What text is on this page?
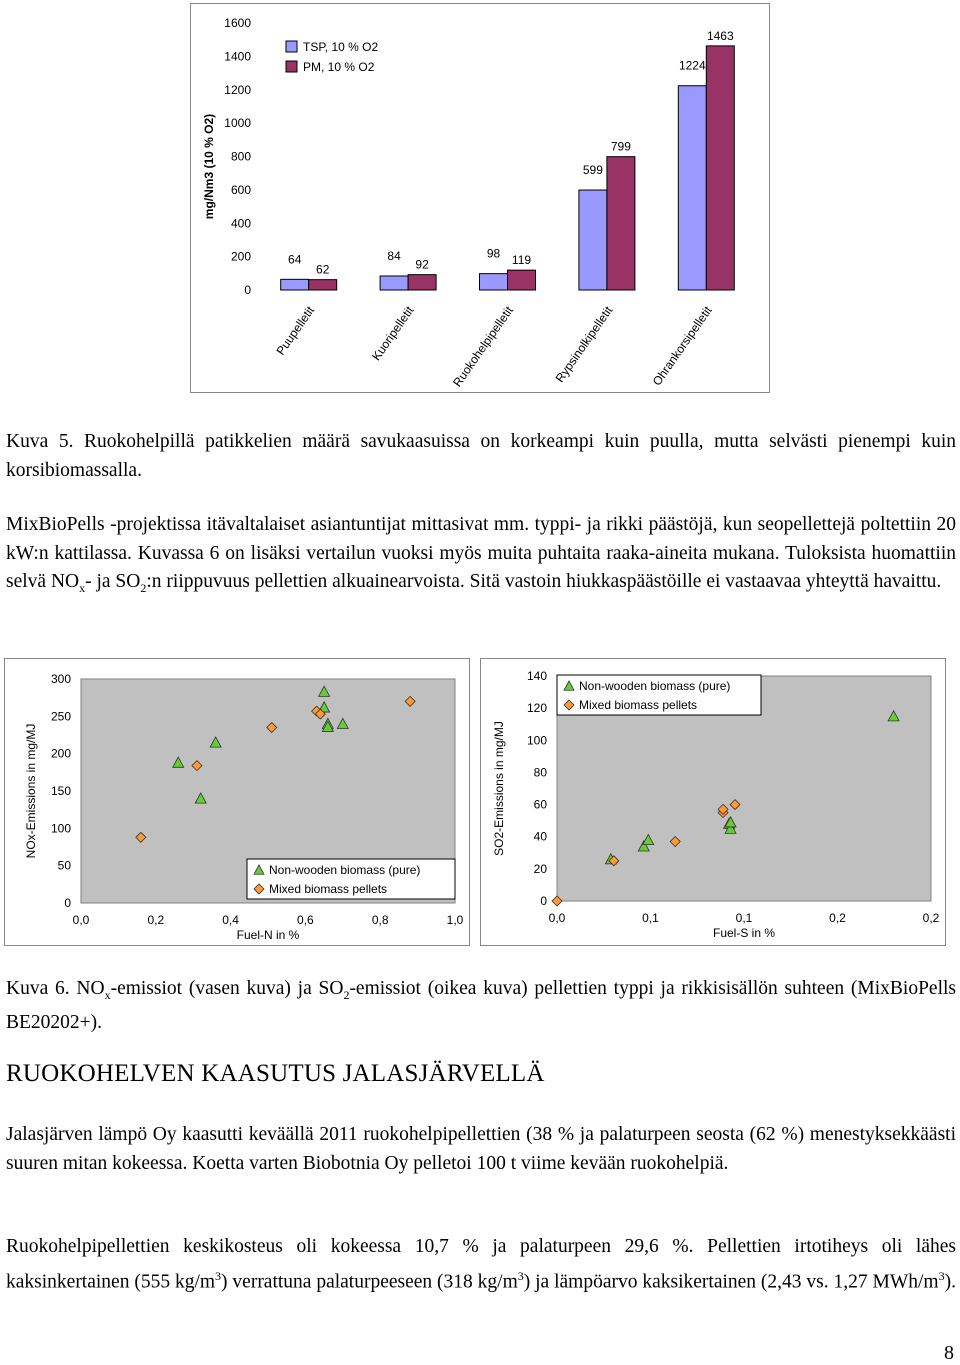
0
200
400
600
800
1000
1200
1400
1600
mg/Nm3 (10 % O2)
64
62
Puupelletit
84
92
Kuoripelletit
98 119
Ruokohelpipelletit
599
799
Rypsinolkipelletit
1224
1463
Ohrankorsipelletit
TSP, 10 % O2
PM, 10 % O2

Kuva 5. Ruokohelpillä patikkelien määrä savukaasuissa on korkeampi kuin puulla, mutta selvästi pienempi kuin korsibiomassalla.

MixBioPells -projektissa itävaltalaiset asiantuntijat mittasivat mm. typpi- ja rikki päästöjä, kun seopellettejä poltettiin 20 kW:n kattilassa. Kuvassa 6 on lisäksi vertailun vuoksi myös muita puhtaita raaka-aineita mukana. Tuloksista huomattiin selvä $NO_x-$ ja $SO_2:n$ riippuvuus pellettien alkuainearvoista. Sitä vastoin hiukkaspäästöille ei vastaavaa yhteyttä havaittu.

0
50
100
150
200
250
300
0,0	0,2	0,4	0,6	0,8	1,0
NOx-Emissions in mg/MJ
Fuel-N in %
Non-wooden biomass (pure)
Mixed biomass pellets
0
20
40
60
80
100
120
140
0,0	0,1	0,1	0,2	0,2
SO2-Emissions in mg/MJ
Fuel-S in %
Non-wooden biomass (pure)
Mixed biomass pellets

Kuva 6. $NO_x$-emissiot (vasen kuva) ja $SO_2$-emissiot (oikea kuva) pellettien typpi ja rikkisisällön suhteen (MixBioPells BE20202+).

RUOKOHELVEN KAASUTUS JALASJÄRVELLÄ

Jalasjärven lämpö Oy kaasutti keväällä 2011 ruokohelpipellettien (38 % ja palaturpeen seosta (62 %) menestyksekkäästi suuren mitan kokeessa. Koetta varten Biobotnia Oy pelletoi 100 t viime kevään ruokohelpiä.

Ruokohelpipellettien keskikosteus oli kokeessa 10,7 % ja palaturpeen 29,6 %. Pellettien irtotiheys oli lähes kaksinkertainen (555 $kg/m^3$) verrattuna palaturpeeseen (318 $kg/m^3$) ja lämpöarvo kaksikertainen (2,43 vs. 1,27 MWh/$m^3$).

8
